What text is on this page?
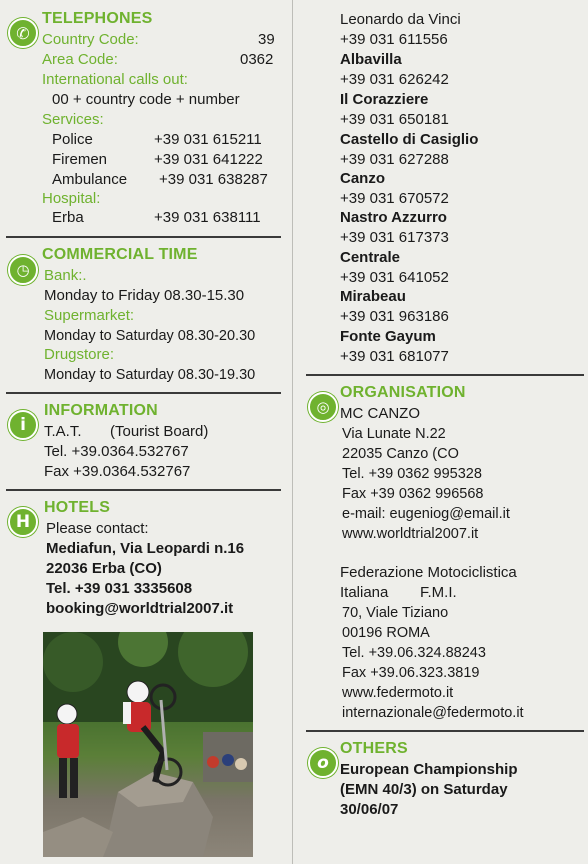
✆
TELEPHONES
Country Code:	39
Area Code:	0362
International calls out:
00 + country code + number
Services:
Police	+39 031 615211
Firemen	+39 031 641222
Ambulance +39 031 638287
Hospital:
Erba	+39 031 638111
◷
COMMERCIAL TIME
Bank:.
Monday to Friday 08.30-15.30
Supermarket:
Monday to Saturday 08.30-20.30
Drugstore:
Monday to Saturday 08.30-19.30
i
INFORMATION
T.A.T. (Tourist Board)
Tel. +39.0364.532767
Fax +39.0364.532767
H
HOTELS
Please contact:
Mediafun, Via Leopardi n.16
22036 Erba (CO)
Tel. +39 031 3335608
booking@worldtrial2007.it
Leonardo da Vinci
+39 031 611556
Albavilla
+39 031 626242
Il Corazziere
+39 031 650181
Castello di Casiglio
+39 031 627288
Canzo
+39 031 670572
Nastro Azzurro
+39 031 617373
Centrale
+39 031 641052
Mirabeau
+39 031 963186
Fonte Gayum
+39 031 681077
◎
ORGANISATION
MC CANZO
Via Lunate N.22
22035 Canzo (CO
Tel. +39 0362 995328
Fax +39 0362 996568
e-mail: eugeniog@email.it
www.worldtrial2007.it
Federazione Motociclistica
Italiana F.M.I.
70, Viale Tiziano
00196 ROMA
Tel. +39.06.324.88243
Fax +39.06.323.3819
www.federmoto.it
internazionale@federmoto.it
o
OTHERS
European Championship
(EMN 40/3) on Saturday
30/06/07
